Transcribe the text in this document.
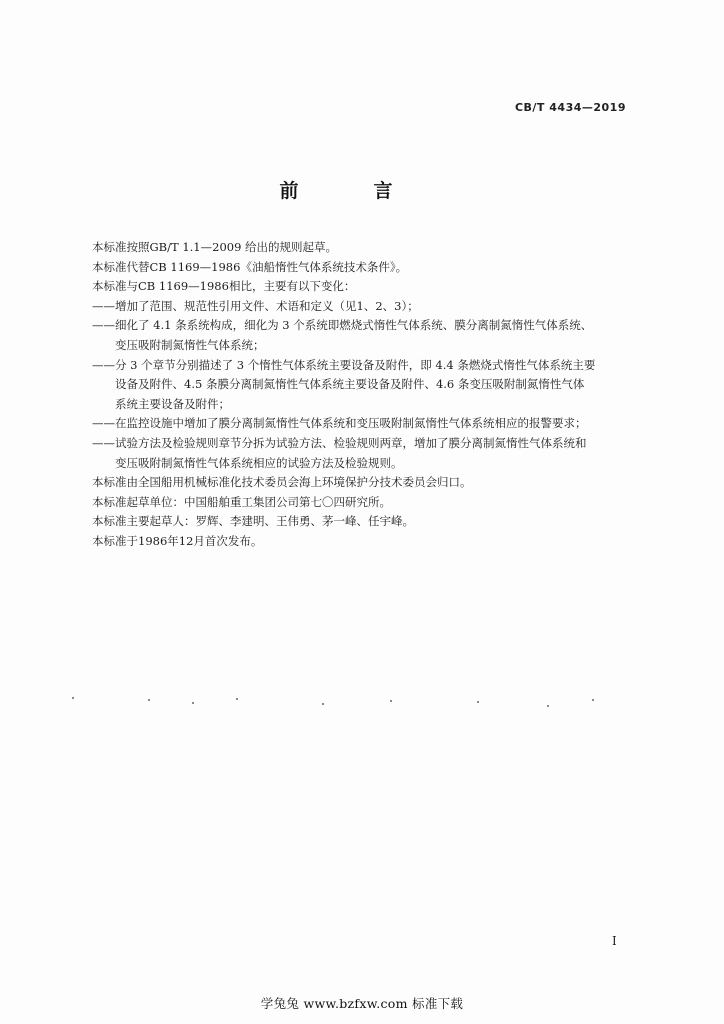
CB/T 4434—2019
前　言

本标准按照GB/T 1.1—2009 给出的规则起草。

本标准代替CB 1169—1986《油船惰性气体系统技术条件》。

本标准与CB 1169—1986相比，主要有以下变化：

—— 增加了范围、规范性引用文件、术语和定义（见1、2、3）；
—— 细化了 4.1 条系统构成，细化为 3 个系统即燃烧式惰性气体系统、膜分离制氮惰性气体系统、
变压吸附制氮惰性气体系统；
—— 分 3 个章节分别描述了 3 个惰性气体系统主要设备及附件，即 4.4 条燃烧式惰性气体系统主要
设备及附件、4.5 条膜分离制氮惰性气体系统主要设备及附件、4.6 条变压吸附制氮惰性气体
系统主要设备及附件；
—— 在监控设施中增加了膜分离制氮惰性气体系统和变压吸附制氮惰性气体系统相应的报警要求；
—— 试验方法及检验规则章节分拆为试验方法、检验规则两章，增加了膜分离制氮惰性气体系统和
变压吸附制氮惰性气体系统相应的试验方法及检验规则。

本标准由全国船用机械标准化技术委员会海上环境保护分技术委员会归口。

本标准起草单位：中国船舶重工集团公司第七〇四研究所。

本标准主要起草人：罗辉、李建明、王伟勇、茅一峰、任宇峰。

本标准于1986年12月首次发布。

I
学兔兔 www.bzfxw.com 标准下载
